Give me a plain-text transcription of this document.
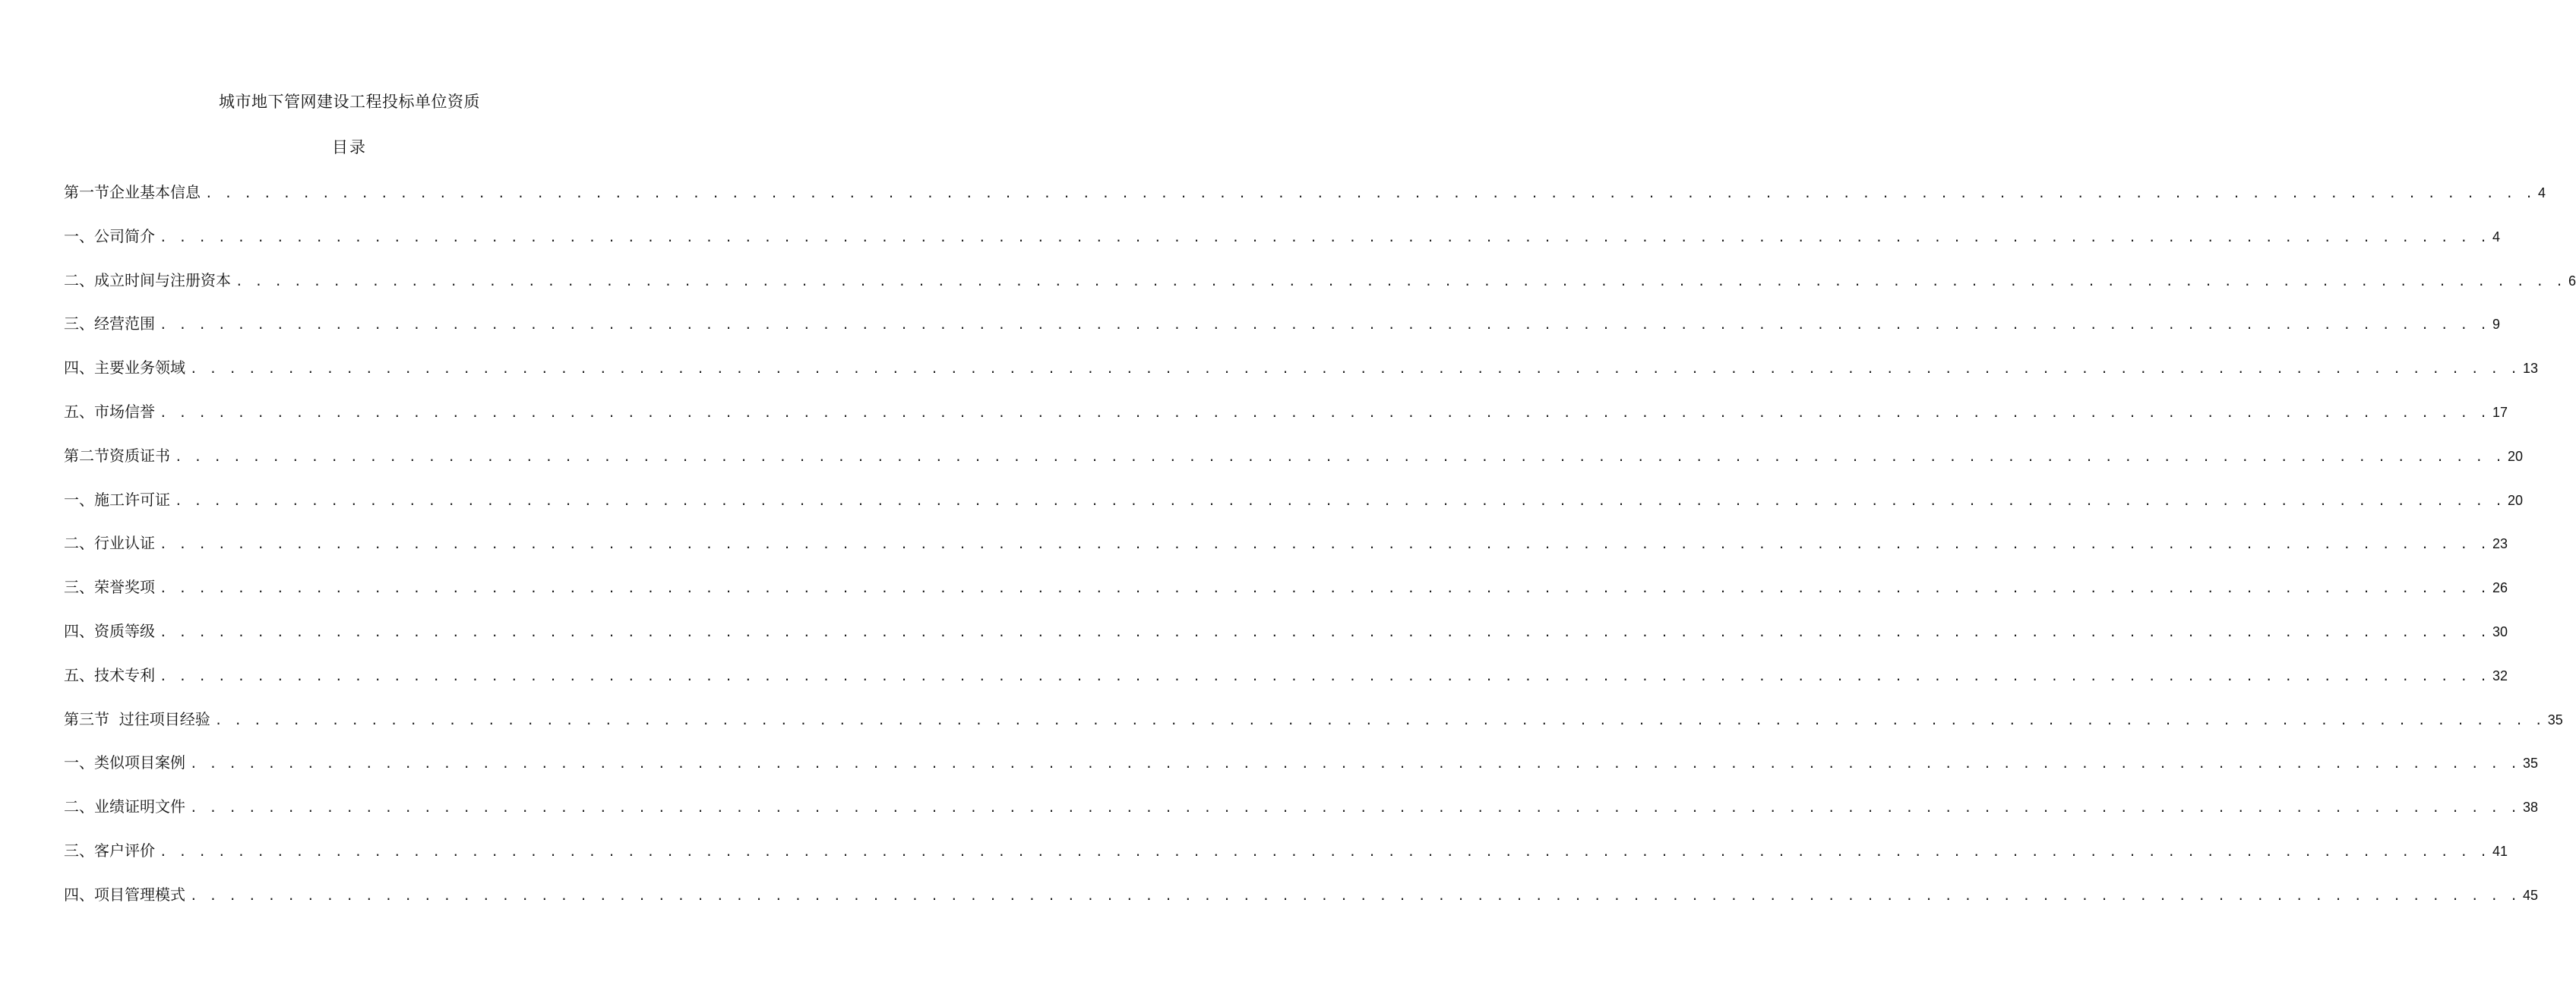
城市地下管网建设工程投标单位资质
目录
第一节企业基本信息 . . . . . . . . . . . . . . . . . . . . . . . . . . . . . . . . . . . . . . . . . . . . . . . . . . . . . . . . . . . . . . . . . . . . . . . . . . . . . . . . . . . . . . . . . . . . . . . . . . . . . . . . . . . . . . . . . . . . . . . . 4
一、公司简介 . . . . . . . . . . . . . . . . . . . . . . . . . . . . . . . . . . . . . . . . . . . . . . . . . . . . . . . . . . . . . . . . . . . . . . . . . . . . . . . . . . . . . . . . . . . . . . . . . . . . . . . . . . . . . . . . . . . . . . . . 4
二、成立时间与注册资本 . . . . . . . . . . . . . . . . . . . . . . . . . . . . . . . . . . . . . . . . . . . . . . . . . . . . . . . . . . . . . . . . . . . . . . . . . . . . . . . . . . . . . . . . . . . . . . . . . . . . . . . . . . . . . . . . . . . . . . . . 6
三、经营范围 . . . . . . . . . . . . . . . . . . . . . . . . . . . . . . . . . . . . . . . . . . . . . . . . . . . . . . . . . . . . . . . . . . . . . . . . . . . . . . . . . . . . . . . . . . . . . . . . . . . . . . . . . . . . . . . . . . . . . . . . 9
四、主要业务领域 . . . . . . . . . . . . . . . . . . . . . . . . . . . . . . . . . . . . . . . . . . . . . . . . . . . . . . . . . . . . . . . . . . . . . . . . . . . . . . . . . . . . . . . . . . . . . . . . . . . . . . . . . . . . . . . . . . . . . . . . 13
五、市场信誉 . . . . . . . . . . . . . . . . . . . . . . . . . . . . . . . . . . . . . . . . . . . . . . . . . . . . . . . . . . . . . . . . . . . . . . . . . . . . . . . . . . . . . . . . . . . . . . . . . . . . . . . . . . . . . . . . . . . . . . . . 17
第二节资质证书 . . . . . . . . . . . . . . . . . . . . . . . . . . . . . . . . . . . . . . . . . . . . . . . . . . . . . . . . . . . . . . . . . . . . . . . . . . . . . . . . . . . . . . . . . . . . . . . . . . . . . . . . . . . . . . . . . . . . . . . . 20
一、施工许可证 . . . . . . . . . . . . . . . . . . . . . . . . . . . . . . . . . . . . . . . . . . . . . . . . . . . . . . . . . . . . . . . . . . . . . . . . . . . . . . . . . . . . . . . . . . . . . . . . . . . . . . . . . . . . . . . . . . . . . . . . 20
二、行业认证 . . . . . . . . . . . . . . . . . . . . . . . . . . . . . . . . . . . . . . . . . . . . . . . . . . . . . . . . . . . . . . . . . . . . . . . . . . . . . . . . . . . . . . . . . . . . . . . . . . . . . . . . . . . . . . . . . . . . . . . . 23
三、荣誉奖项 . . . . . . . . . . . . . . . . . . . . . . . . . . . . . . . . . . . . . . . . . . . . . . . . . . . . . . . . . . . . . . . . . . . . . . . . . . . . . . . . . . . . . . . . . . . . . . . . . . . . . . . . . . . . . . . . . . . . . . . . 26
四、资质等级 . . . . . . . . . . . . . . . . . . . . . . . . . . . . . . . . . . . . . . . . . . . . . . . . . . . . . . . . . . . . . . . . . . . . . . . . . . . . . . . . . . . . . . . . . . . . . . . . . . . . . . . . . . . . . . . . . . . . . . . . 30
五、技术专利 . . . . . . . . . . . . . . . . . . . . . . . . . . . . . . . . . . . . . . . . . . . . . . . . . . . . . . . . . . . . . . . . . . . . . . . . . . . . . . . . . . . . . . . . . . . . . . . . . . . . . . . . . . . . . . . . . . . . . . . . 32
第三节  过往项目经验 . . . . . . . . . . . . . . . . . . . . . . . . . . . . . . . . . . . . . . . . . . . . . . . . . . . . . . . . . . . . . . . . . . . . . . . . . . . . . . . . . . . . . . . . . . . . . . . . . . . . . . . . . . . . . . . . . . . . . . . . 35
一、类似项目案例 . . . . . . . . . . . . . . . . . . . . . . . . . . . . . . . . . . . . . . . . . . . . . . . . . . . . . . . . . . . . . . . . . . . . . . . . . . . . . . . . . . . . . . . . . . . . . . . . . . . . . . . . . . . . . . . . . . . . . . . . 35
二、业绩证明文件 . . . . . . . . . . . . . . . . . . . . . . . . . . . . . . . . . . . . . . . . . . . . . . . . . . . . . . . . . . . . . . . . . . . . . . . . . . . . . . . . . . . . . . . . . . . . . . . . . . . . . . . . . . . . . . . . . . . . . . . . 38
三、客户评价 . . . . . . . . . . . . . . . . . . . . . . . . . . . . . . . . . . . . . . . . . . . . . . . . . . . . . . . . . . . . . . . . . . . . . . . . . . . . . . . . . . . . . . . . . . . . . . . . . . . . . . . . . . . . . . . . . . . . . . . . 41
四、项目管理模式 . . . . . . . . . . . . . . . . . . . . . . . . . . . . . . . . . . . . . . . . . . . . . . . . . . . . . . . . . . . . . . . . . . . . . . . . . . . . . . . . . . . . . . . . . . . . . . . . . . . . . . . . . . . . . . . . . . . . . . . . 45
